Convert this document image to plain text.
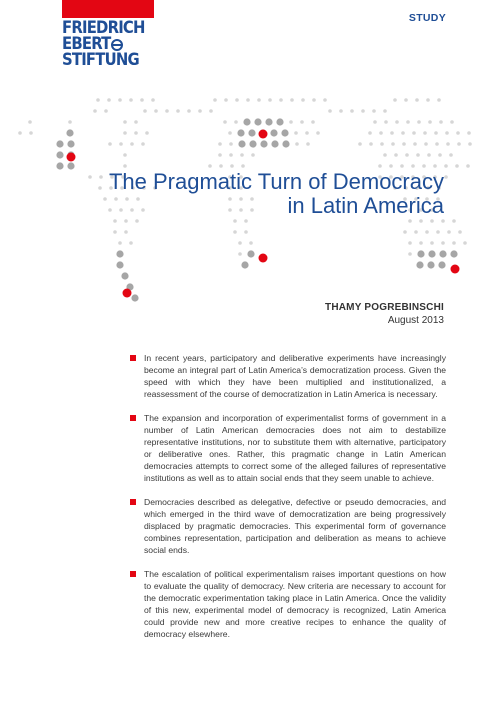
FRIEDRICH
EBERT
STIFTUNG
STUDY
The Pragmatic Turn of Democracy
in Latin America
THAMY POGREBINSCHI
August 2013
In recent years, participatory and deliberative experiments have increasingly become an integral part of Latin America’s democratization process. Given the speed with which they have been multiplied and institutionalized, a reassessment of the course of democratization in Latin America is necessary.
The expansion and incorporation of experimentalist forms of government in a number of Latin American democracies does not aim to destabilize representative institutions, nor to substitute them with alternative, participatory or deliberative ones. Rather, this pragmatic change in Latin American democracies attempts to correct some of the alleged failures of representative institutions as well as to attain social ends that they seem unable to achieve.
Democracies described as delegative, defective or pseudo democracies, and which emerged in the third wave of democratization are being progressively displaced by pragmatic democracies. This experimental form of governance combines representation, participation and deliberation as means to achieve social ends.
The escalation of political experimentalism raises important questions on how to evaluate the quality of democracy. New criteria are necessary to account for the democratic experimentation taking place in Latin America. Once the validity of this new, experimental model of democracy is recognized, Latin America could provide new and more creative recipes to enhance the quality of democracy elsewhere.
